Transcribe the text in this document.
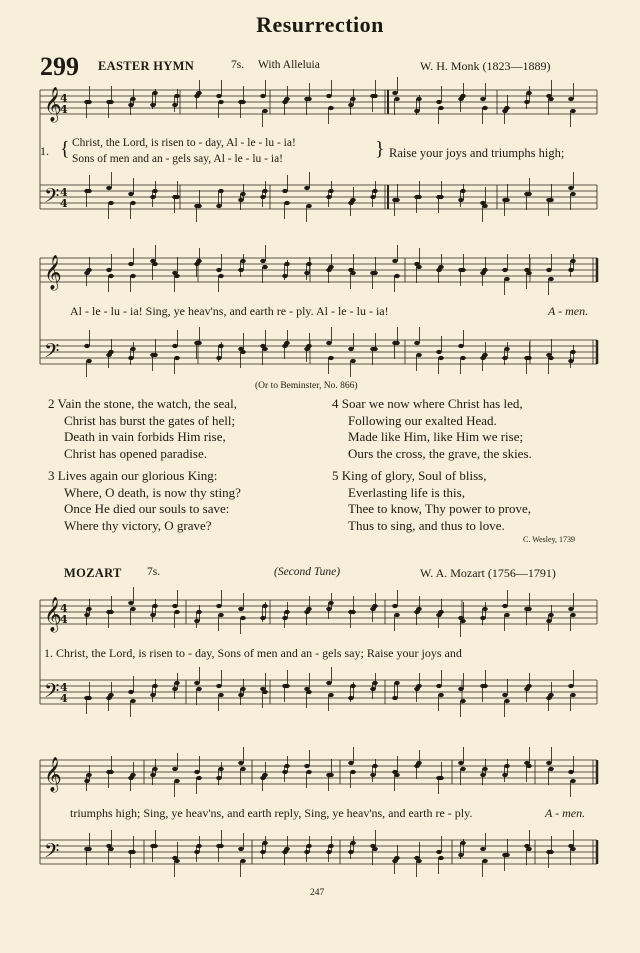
Resurrection
299 EASTER HYMN	7s. With Alleluia	W. H. Monk (1823—1889)
𝄞
4
4
𝄢 4
4
𝄞
𝄢
𝄞
4
4
𝄢 4
4
𝄞
𝄢
1. { Christ, the Lord, is risen to - day, Al - le - lu - ia!
Sons of men and an - gels say, Al - le - lu - ia!	} Raise your joys and triumphs high;
Al - le - lu - ia! Sing, ye heav'ns, and earth re - ply. Al - le - lu - ia!	A - men.
(Or to Beminster, No. 866)
2 Vain the stone, the watch, the seal,
Christ has burst the gates of hell;
Death in vain forbids Him rise,
Christ has opened paradise.
4 Soar we now where Christ has led,
Following our exalted Head.
Made like Him, like Him we rise;
Ours the cross, the grave, the skies.
3 Lives again our glorious King:
Where, O death, is now thy sting?
Once He died our souls to save:
Where thy victory, O grave?
5 King of glory, Soul of bliss,
Everlasting life is this,
Thee to know, Thy power to prove,
Thus to sing, and thus to love.
C. Wesley, 1739
MOZART 7s.	(Second Tune)	W. A. Mozart (1756—1791)
1. Christ, the Lord, is risen to - day, Sons of men and an - gels say; Raise your joys and
triumphs high; Sing, ye heav'ns, and earth reply, Sing, ye heav'ns, and earth re - ply.	A - men.
247
